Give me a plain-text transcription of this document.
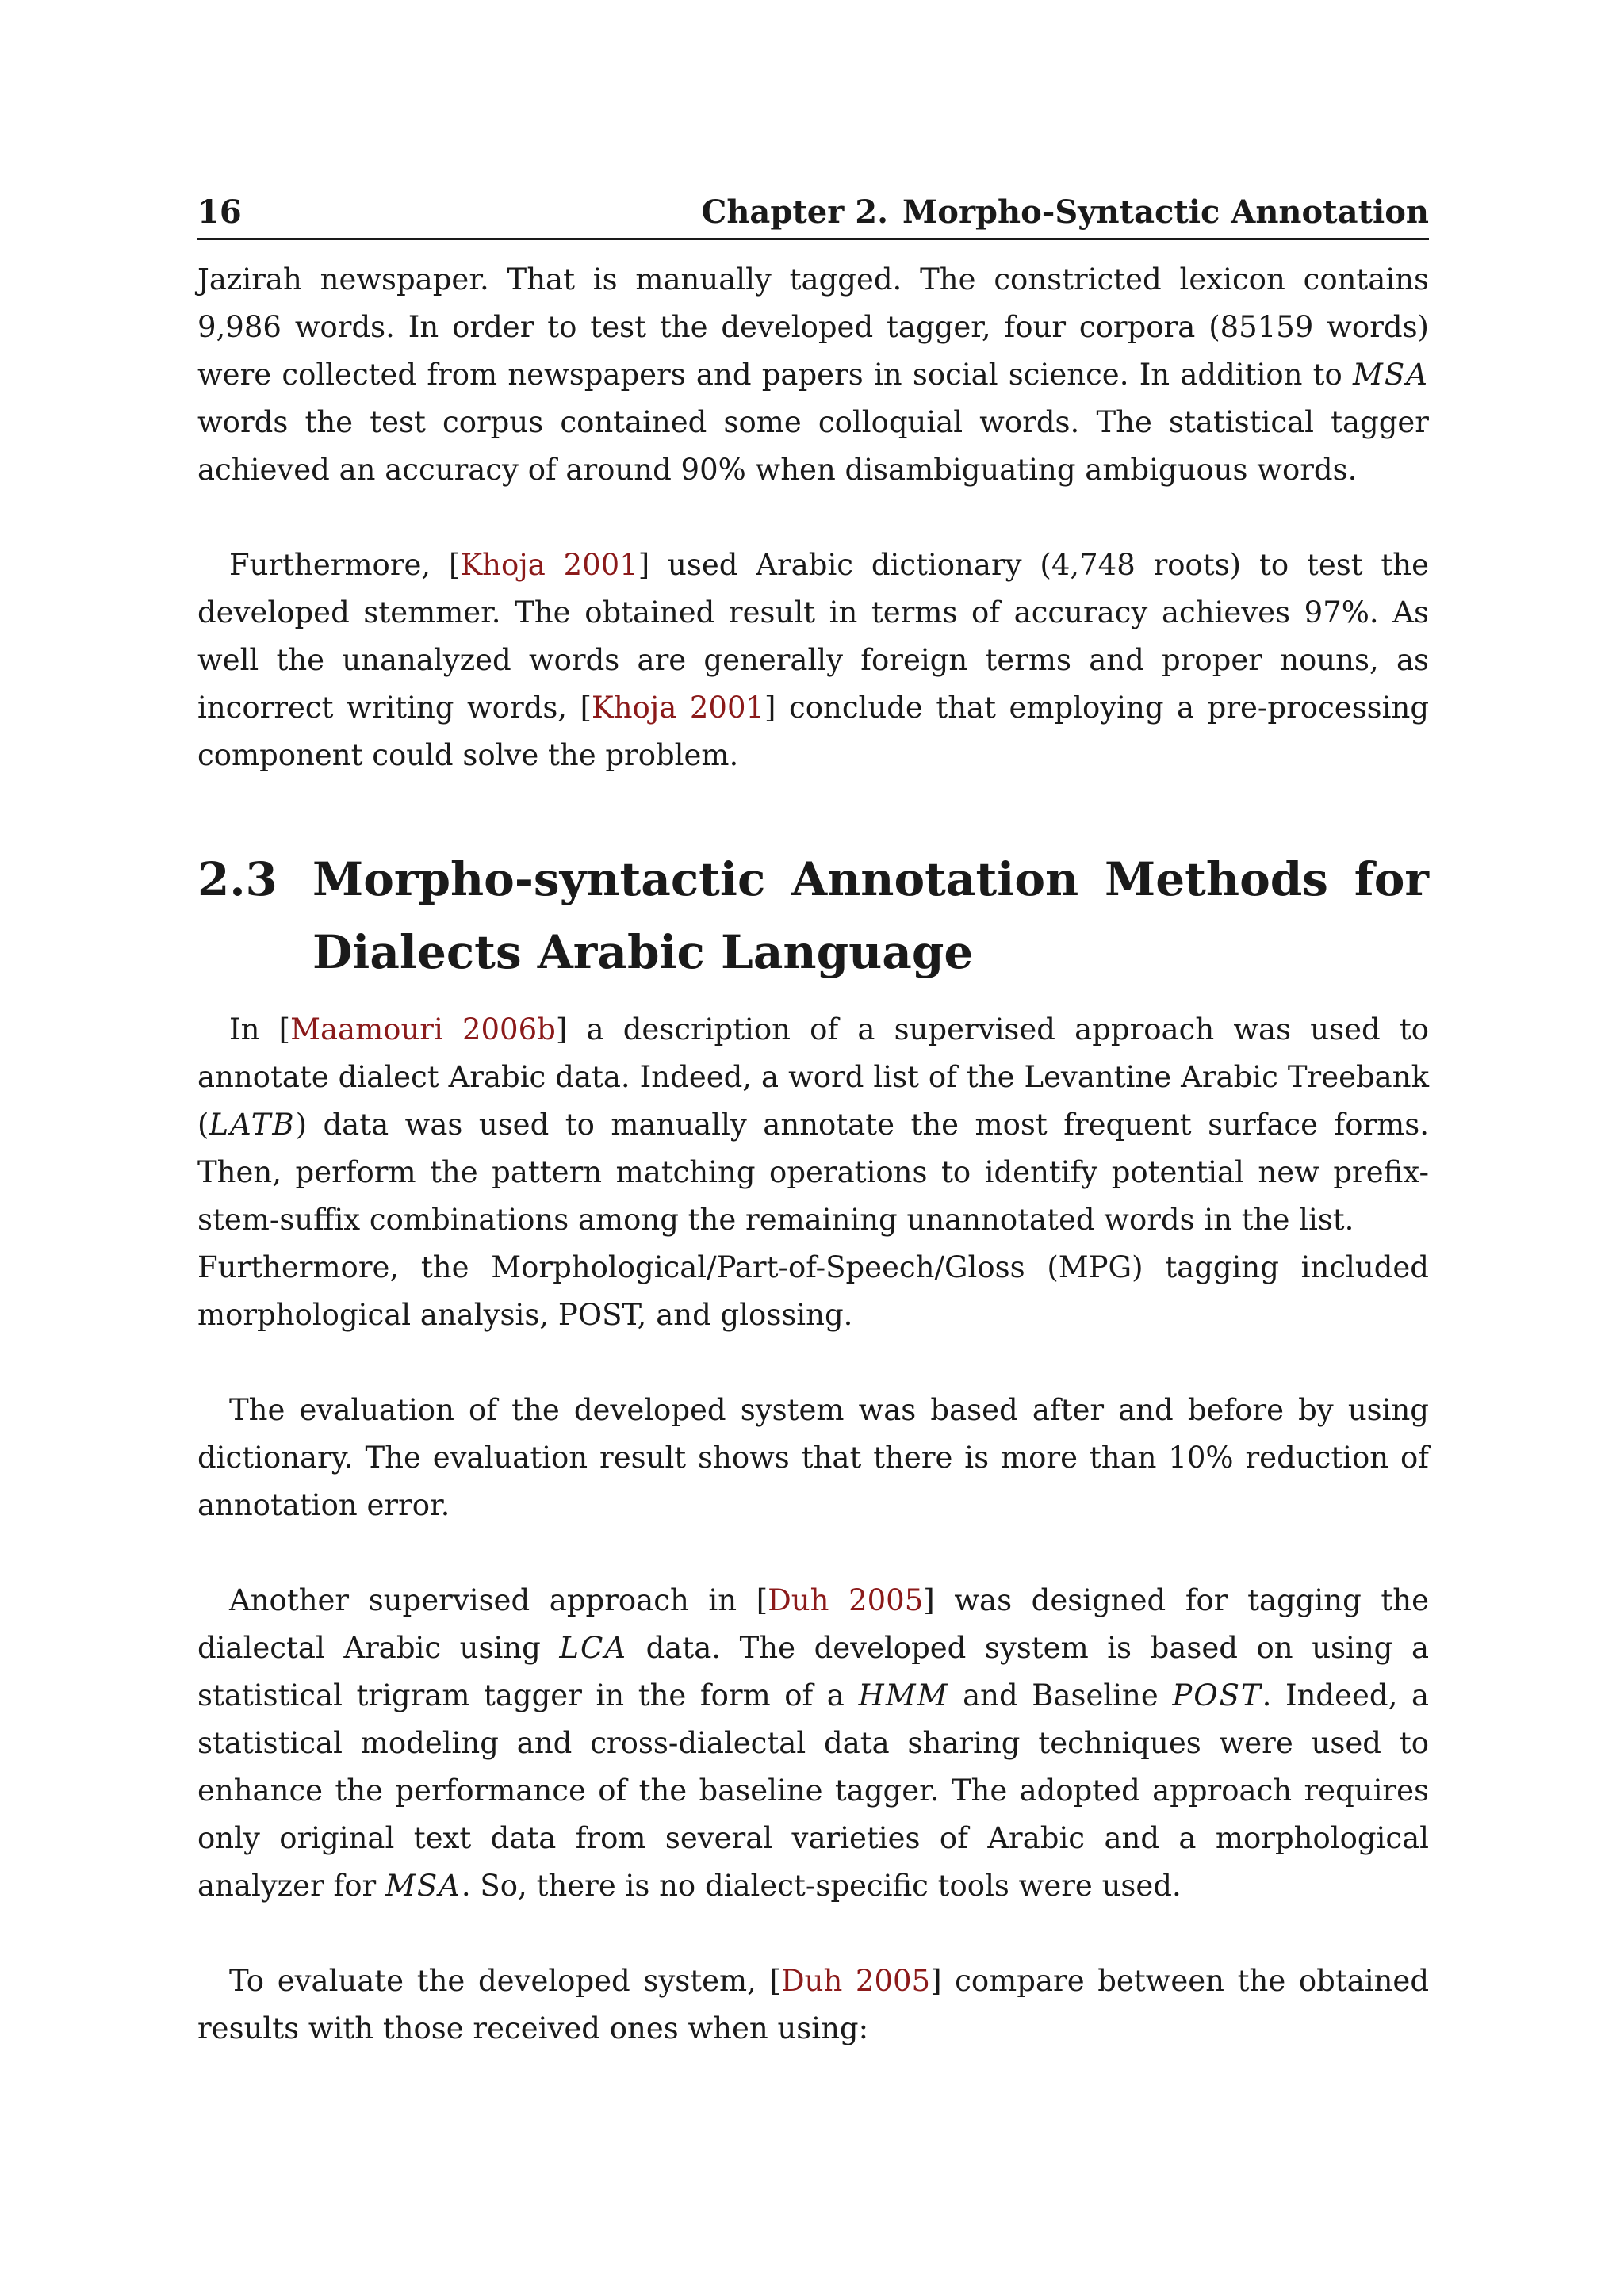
16	Chapter 2. Morpho-Syntactic Annotation

Jazirah newspaper. That is manually tagged. The constricted lexicon contains 9,986 words. In order to test the developed tagger, four corpora (85159 words) were collected from newspapers and papers in social science. In addition to MSA words the test corpus contained some colloquial words. The statistical tagger achieved an accuracy of around 90% when disambiguating ambiguous words.

Furthermore, [Khoja 2001] used Arabic dictionary (4,748 roots) to test the developed stemmer. The obtained result in terms of accuracy achieves 97%. As well the unanalyzed words are generally foreign terms and proper nouns, as incorrect writing words, [Khoja 2001] conclude that employing a pre-processing component could solve the problem.

2.3 Morpho-syntactic Annotation Methods for Dialects Arabic Language

In [Maamouri 2006b] a description of a supervised approach was used to annotate dialect Arabic data. Indeed, a word list of the Levantine Arabic Treebank (LATB) data was used to manually annotate the most frequent surface forms. Then, perform the pattern matching operations to identify potential new prefix-stem-suffix combinations among the remaining unannotated words in the list.

Furthermore, the Morphological/Part-of-Speech/Gloss (MPG) tagging included morphological analysis, POST, and glossing.

The evaluation of the developed system was based after and before by using dictionary. The evaluation result shows that there is more than 10% reduction of annotation error.

Another supervised approach in [Duh 2005] was designed for tagging the dialectal Arabic using LCA data. The developed system is based on using a statistical trigram tagger in the form of a HMM and Baseline POST. Indeed, a statistical modeling and cross-dialectal data sharing techniques were used to enhance the performance of the baseline tagger. The adopted approach requires only original text data from several varieties of Arabic and a morphological analyzer for MSA. So, there is no dialect-specific tools were used.

To evaluate the developed system, [Duh 2005] compare between the obtained results with those received ones when using:
